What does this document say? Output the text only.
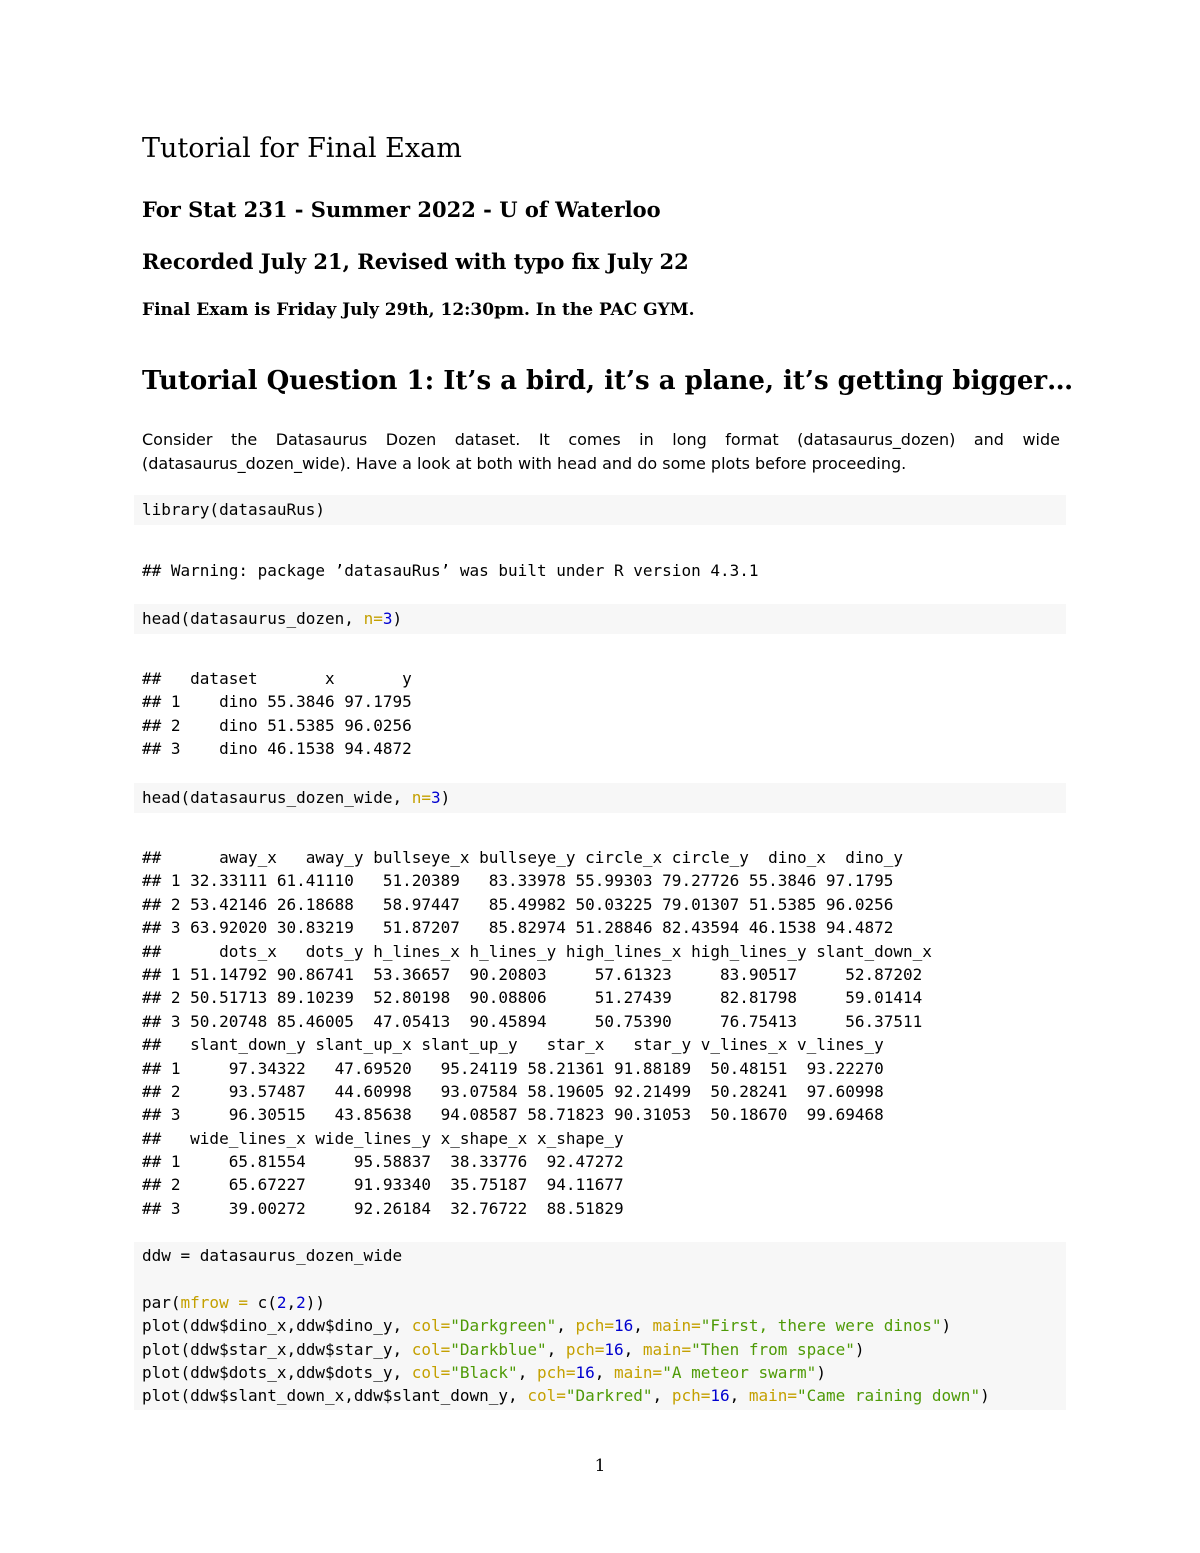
Tutorial for Final Exam
For Stat 231 - Summer 2022 - U of Waterloo
Recorded July 21, Revised with typo fix July 22
Final Exam is Friday July 29th, 12:30pm. In the PAC GYM.
Tutorial Question 1: It’s a bird, it’s a plane, it’s getting bigger…

Consider the Datasaurus Dozen dataset. It comes in long format (datasaurus_dozen) and wide (datasaurus_dozen_wide). Have a look at both with head and do some plots before proceeding.

library(datasauRus)
## Warning: package ’datasauRus’ was built under R version 4.3.1
head(datasaurus_dozen, n=3)
##   dataset       x       y
## 1    dino 55.3846 97.1795
## 2    dino 51.5385 96.0256
## 3    dino 46.1538 94.4872
head(datasaurus_dozen_wide, n=3)
##      away_x   away_y bullseye_x bullseye_y circle_x circle_y  dino_x  dino_y
## 1 32.33111 61.41110   51.20389   83.33978 55.99303 79.27726 55.3846 97.1795
## 2 53.42146 26.18688   58.97447   85.49982 50.03225 79.01307 51.5385 96.0256
## 3 63.92020 30.83219   51.87207   85.82974 51.28846 82.43594 46.1538 94.4872
##      dots_x   dots_y h_lines_x h_lines_y high_lines_x high_lines_y slant_down_x
## 1 51.14792 90.86741  53.36657  90.20803     57.61323     83.90517     52.87202
## 2 50.51713 89.10239  52.80198  90.08806     51.27439     82.81798     59.01414
## 3 50.20748 85.46005  47.05413  90.45894     50.75390     76.75413     56.37511
##   slant_down_y slant_up_x slant_up_y   star_x   star_y v_lines_x v_lines_y
## 1     97.34322   47.69520   95.24119 58.21361 91.88189  50.48151  93.22270
## 2     93.57487   44.60998   93.07584 58.19605 92.21499  50.28241  97.60998
## 3     96.30515   43.85638   94.08587 58.71823 90.31053  50.18670  99.69468
##   wide_lines_x wide_lines_y x_shape_x x_shape_y
## 1     65.81554     95.58837  38.33776  92.47272
## 2     65.67227     91.93340  35.75187  94.11677
## 3     39.00272     92.26184  32.76722  88.51829
ddw = datasaurus_dozen_wide
par(mfrow = c(2,2))
plot(ddw$dino_x,ddw$dino_y, col="Darkgreen", pch=16, main="First, there were dinos")
plot(ddw$star_x,ddw$star_y, col="Darkblue", pch=16, main="Then from space")
plot(ddw$dots_x,ddw$dots_y, col="Black", pch=16, main="A meteor swarm")
plot(ddw$slant_down_x,ddw$slant_down_y, col="Darkred", pch=16, main="Came raining down")
1
